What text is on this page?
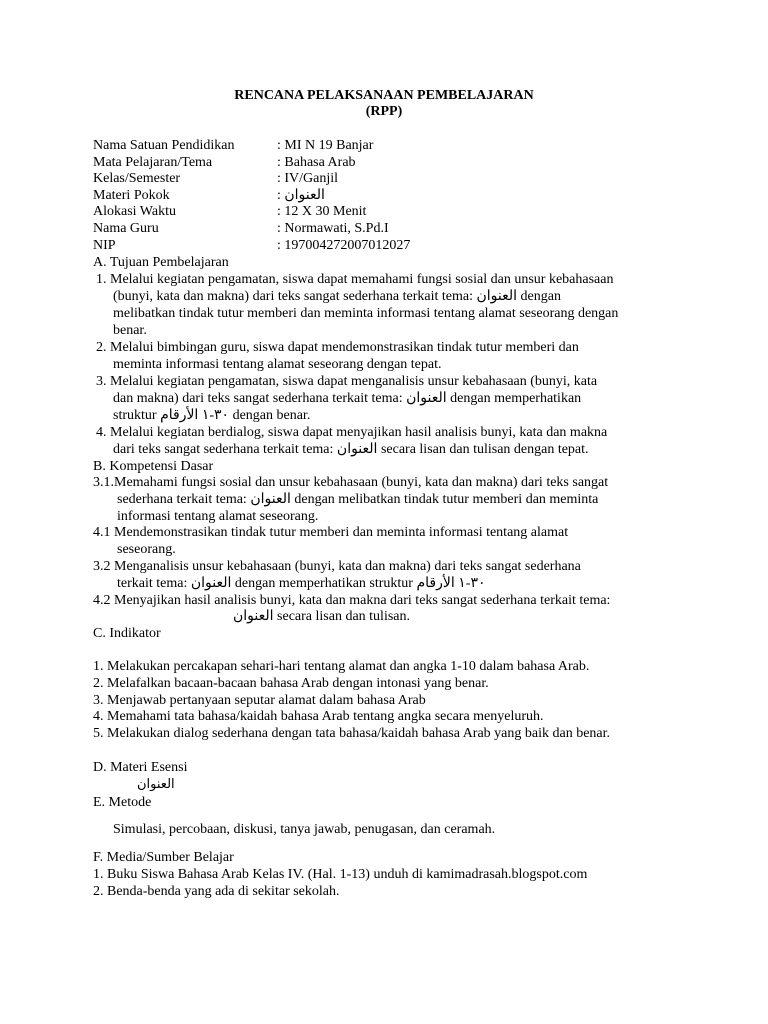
RENCANA PELAKSANAAN PEMBELAJARAN
(RPP)
Nama Satuan Pendidikan	: MI N 19 Banjar
Mata Pelajaran/Tema	: Bahasa Arab
Kelas/Semester	: IV/Ganjil
Materi Pokok	: العنوان
Alokasi Waktu	: 12 X 30 Menit
Nama Guru	: Normawati, S.Pd.I
NIP	: 197004272007012027
A. Tujuan Pembelajaran
1. Melalui kegiatan pengamatan, siswa dapat memahami fungsi sosial dan unsur kebahasaan
(bunyi, kata dan makna) dari teks sangat sederhana terkait tema: العنوان dengan
melibatkan tindak tutur memberi dan meminta informasi tentang alamat seseorang dengan
benar.
2. Melalui bimbingan guru, siswa dapat mendemonstrasikan tindak tutur memberi dan
meminta informasi tentang alamat seseorang dengan tepat.
3. Melalui kegiatan pengamatan, siswa dapat menganalisis unsur kebahasaan (bunyi, kata
dan makna) dari teks sangat sederhana terkait tema: العنوان dengan memperhatikan
struktur ٣٠-١ الأرقام dengan benar.
4. Melalui kegiatan berdialog, siswa dapat menyajikan hasil analisis bunyi, kata dan makna
dari teks sangat sederhana terkait tema: العنوان secara lisan dan tulisan dengan tepat.
B. Kompetensi Dasar
3.1.Memahami fungsi sosial dan unsur kebahasaan (bunyi, kata dan makna) dari teks sangat
sederhana terkait tema: العنوان dengan melibatkan tindak tutur memberi dan meminta
informasi tentang alamat seseorang.
4.1 Mendemonstrasikan tindak tutur memberi dan meminta informasi tentang alamat
seseorang.
3.2 Menganalisis unsur kebahasaan (bunyi, kata dan makna) dari teks sangat sederhana
terkait tema: العنوان dengan memperhatikan struktur ٣٠-١ الأرقام
4.2 Menyajikan hasil analisis bunyi, kata dan makna dari teks sangat sederhana terkait tema:
العنوان secara lisan dan tulisan.
C. Indikator
1. Melakukan percakapan sehari-hari tentang alamat dan angka 1-10 dalam bahasa Arab.
2. Melafalkan bacaan-bacaan bahasa Arab dengan intonasi yang benar.
3. Menjawab pertanyaan seputar alamat dalam bahasa Arab
4. Memahami tata bahasa/kaidah bahasa Arab tentang angka secara menyeluruh.
5. Melakukan dialog sederhana dengan tata bahasa/kaidah bahasa Arab yang baik dan benar.
D. Materi Esensi
العنوان
E. Metode
Simulasi, percobaan, diskusi, tanya jawab, penugasan, dan ceramah.
F. Media/Sumber Belajar
1. Buku Siswa Bahasa Arab Kelas IV. (Hal. 1-13) unduh di kamimadrasah.blogspot.com
2. Benda-benda yang ada di sekitar sekolah.
